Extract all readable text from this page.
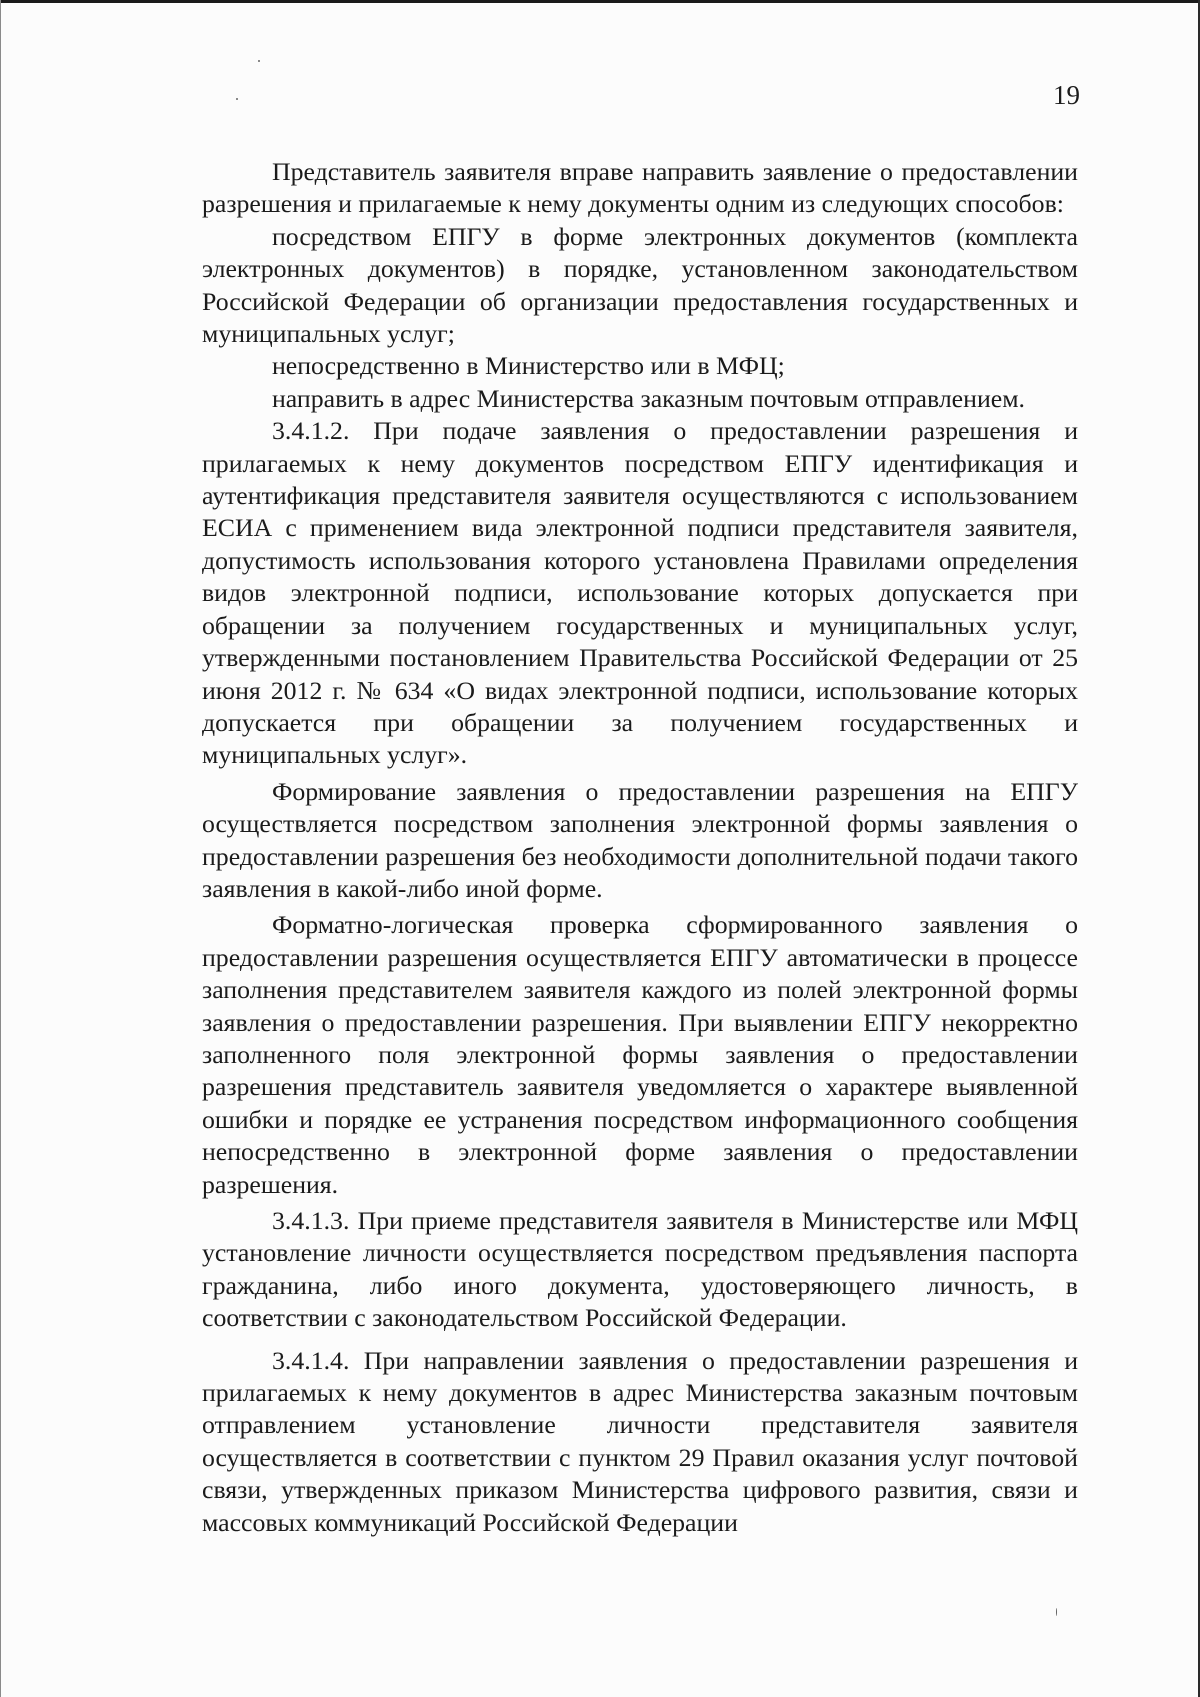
19

Представитель заявителя вправе направить заявление о предоставлении разрешения и прилагаемые к нему документы одним из следующих способов:

посредством ЕПГУ в форме электронных документов (комплекта электронных документов) в порядке, установленном законодательством Российской Федерации об организации предоставления государственных и муниципальных услуг;

непосредственно в Министерство или в МФЦ;

направить в адрес Министерства заказным почтовым отправлением.

3.4.1.2. При подаче заявления о предоставлении разрешения и прилагаемых к нему документов посредством ЕПГУ идентификация и аутентификация представителя заявителя осуществляются с использованием ЕСИА с применением вида электронной подписи представителя заявителя, допустимость использования которого установлена Правилами определения видов электронной подписи, использование которых допускается при обращении за получением государственных и муниципальных услуг, утвержденными постановлением Правительства Российской Федерации от 25 июня 2012 г. № 634 «О видах электронной подписи, использование которых допускается при обращении за получением государственных и муниципальных услуг».

Формирование заявления о предоставлении разрешения на ЕПГУ осуществляется посредством заполнения электронной формы заявления о предоставлении разрешения без необходимости дополнительной подачи такого заявления в какой-либо иной форме.

Форматно-логическая проверка сформированного заявления о предоставлении разрешения осуществляется ЕПГУ автоматически в процессе заполнения представителем заявителя каждого из полей электронной формы заявления о предоставлении разрешения. При выявлении ЕПГУ некорректно заполненного поля электронной формы заявления о предоставлении разрешения представитель заявителя уведомляется о характере выявленной ошибки и порядке ее устранения посредством информационного сообщения непосредственно в электронной форме заявления о предоставлении разрешения.

3.4.1.3. При приеме представителя заявителя в Министерстве или МФЦ установление личности осуществляется посредством предъявления паспорта гражданина, либо иного документа, удостоверяющего личность, в соответствии с законодательством Российской Федерации.

3.4.1.4. При направлении заявления о предоставлении разрешения и прилагаемых к нему документов в адрес Министерства заказным почтовым отправлением установление личности представителя заявителя осуществляется в соответствии с пунктом 29 Правил оказания услуг почтовой связи, утвержденных приказом Министерства цифрового развития, связи и массовых коммуникаций Российской Федерации
